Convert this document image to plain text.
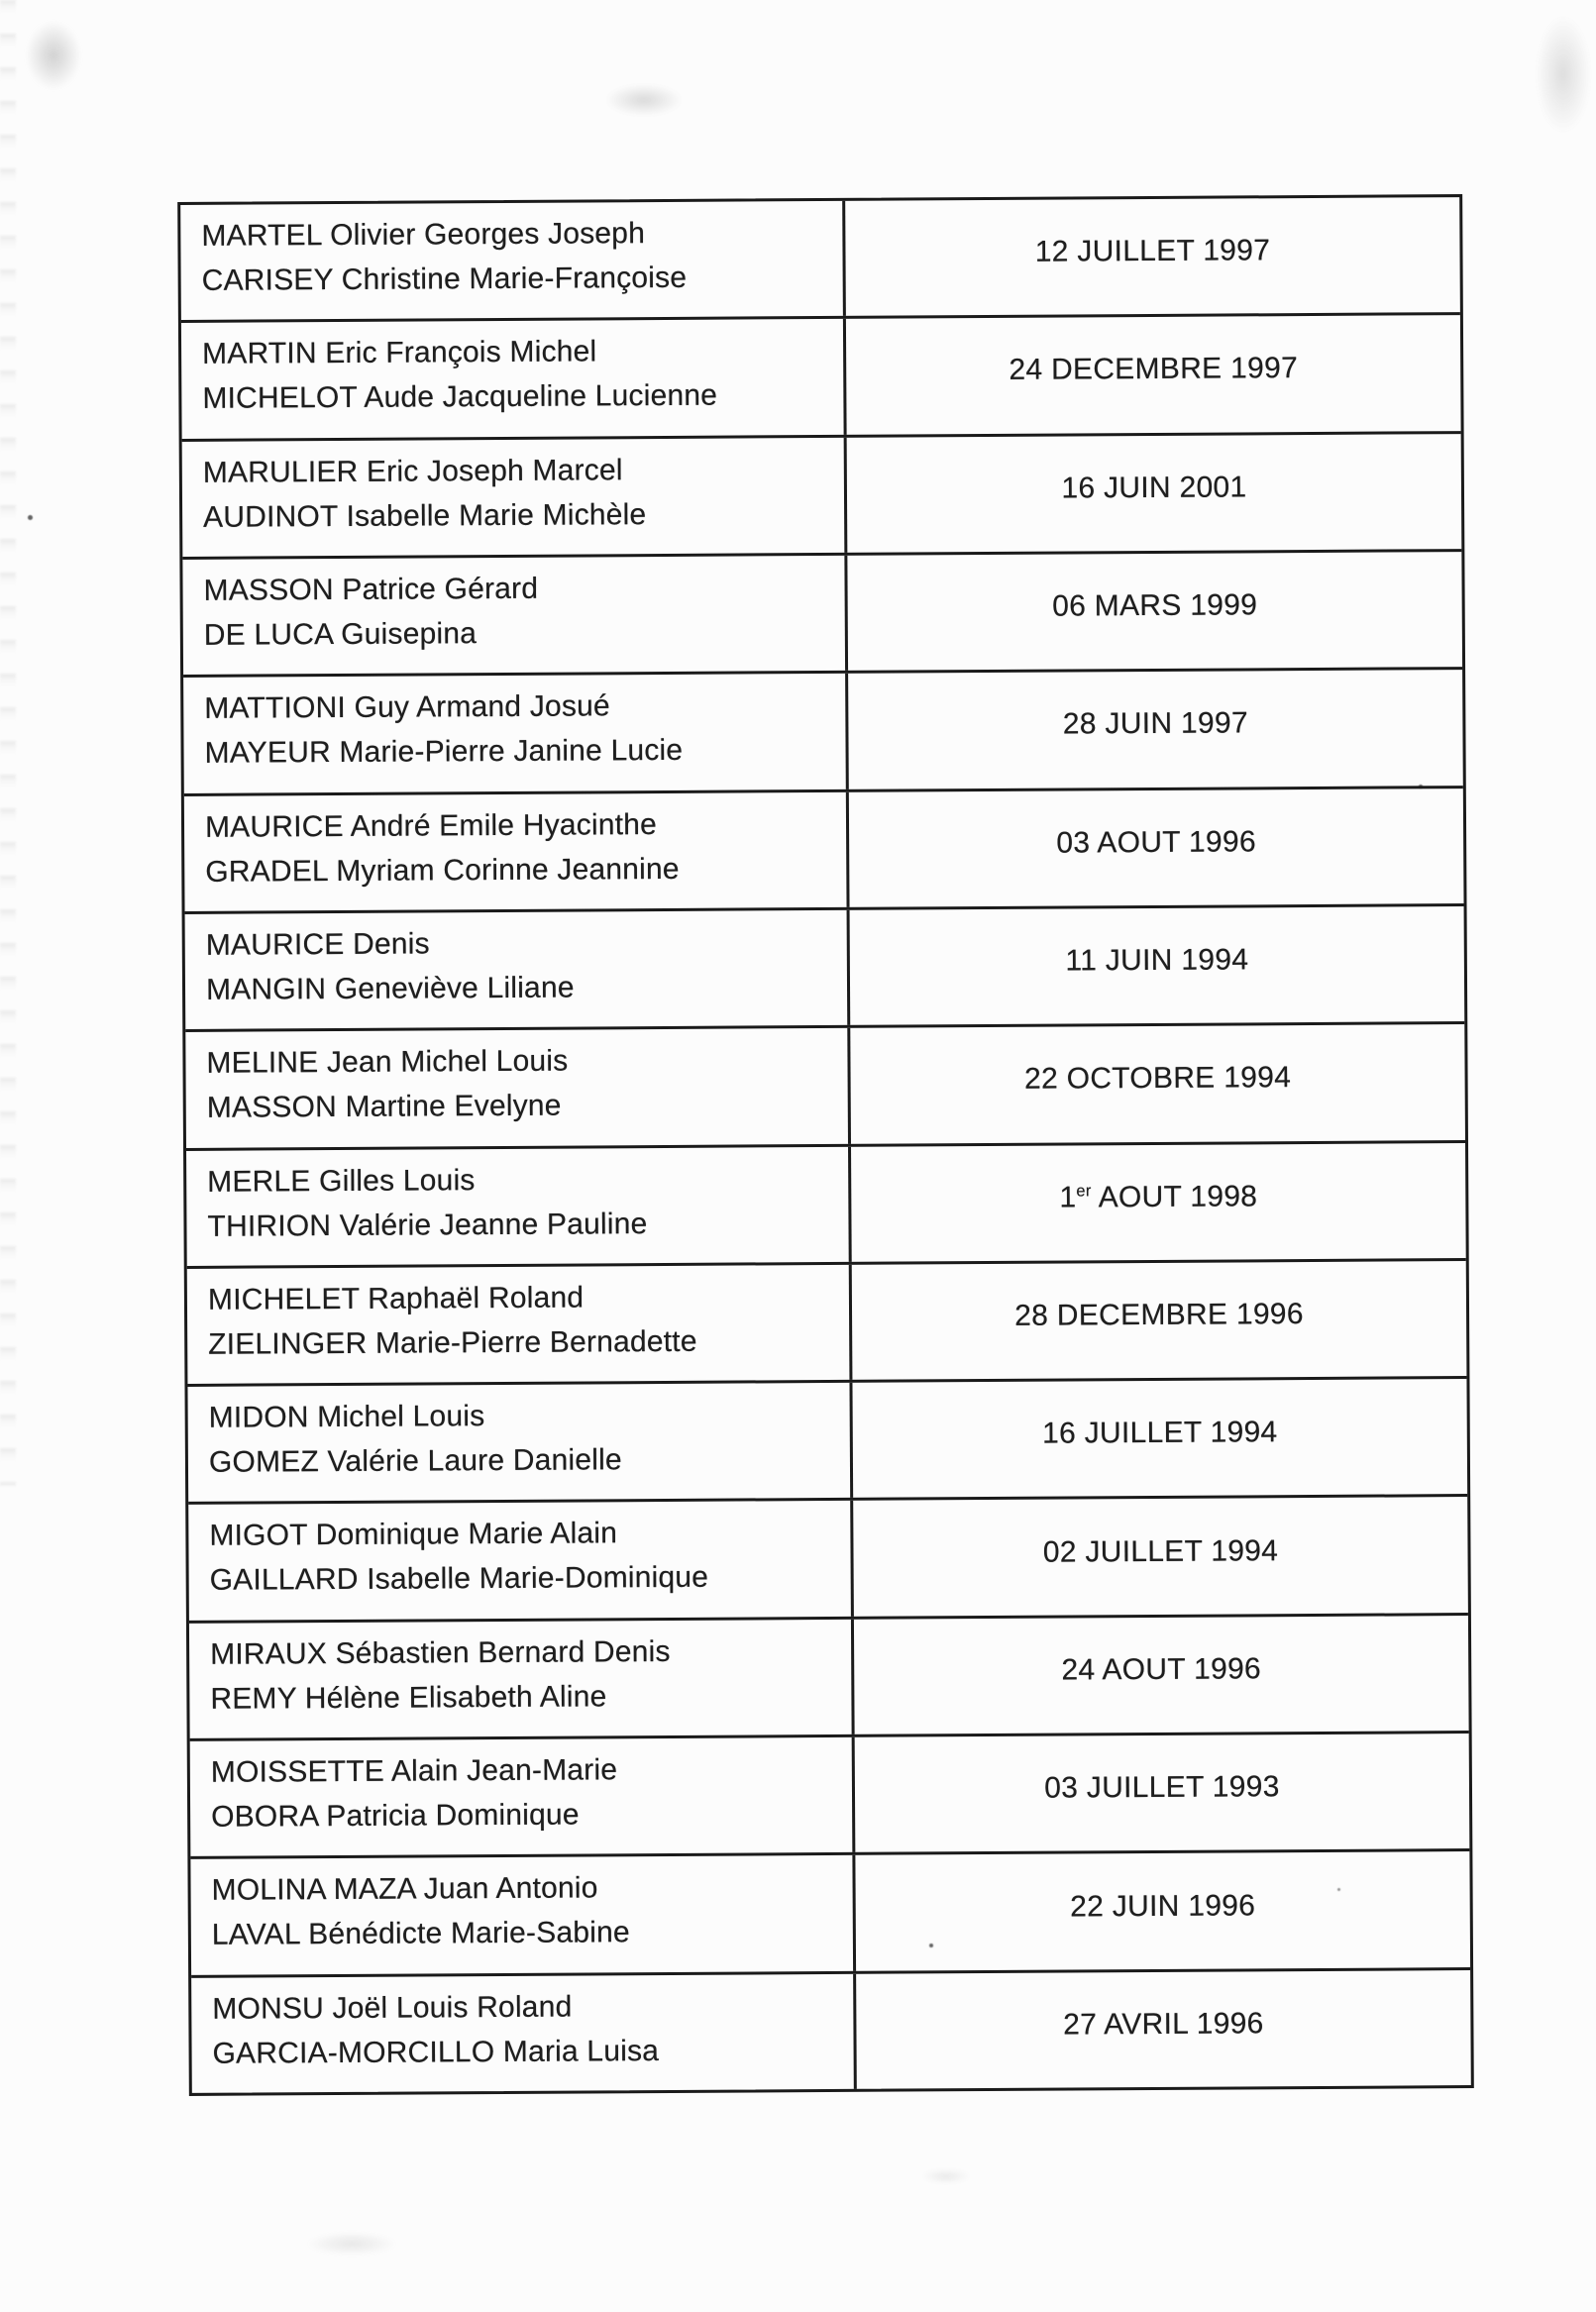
MARTEL Olivier Georges Joseph
CARISEY Christine Marie-Françoise
12 JUILLET 1997
MARTIN Eric François Michel
MICHELOT Aude Jacqueline Lucienne
24 DECEMBRE 1997
MARULIER Eric Joseph Marcel
AUDINOT Isabelle Marie Michèle
16 JUIN 2001
MASSON Patrice Gérard
DE LUCA Guisepina
06 MARS 1999
MATTIONI Guy Armand Josué
MAYEUR Marie-Pierre Janine Lucie
28 JUIN 1997
MAURICE André Emile Hyacinthe
GRADEL Myriam Corinne Jeannine
03 AOUT 1996
MAURICE Denis
MANGIN Geneviève Liliane
11 JUIN 1994
MELINE Jean Michel Louis
MASSON Martine Evelyne
22 OCTOBRE 1994
MERLE Gilles Louis
THIRION Valérie Jeanne Pauline
1er AOUT 1998
MICHELET Raphaël Roland
ZIELINGER Marie-Pierre Bernadette
28 DECEMBRE 1996
MIDON Michel Louis
GOMEZ Valérie Laure Danielle
16 JUILLET 1994
MIGOT Dominique Marie Alain
GAILLARD Isabelle Marie-Dominique
02 JUILLET 1994
MIRAUX Sébastien Bernard Denis
REMY Hélène Elisabeth Aline
24 AOUT 1996
MOISSETTE Alain Jean-Marie
OBORA Patricia Dominique
03 JUILLET 1993
MOLINA MAZA Juan Antonio
LAVAL Bénédicte Marie-Sabine
22 JUIN 1996
MONSU Joël Louis Roland
GARCIA-MORCILLO Maria Luisa
27 AVRIL 1996
